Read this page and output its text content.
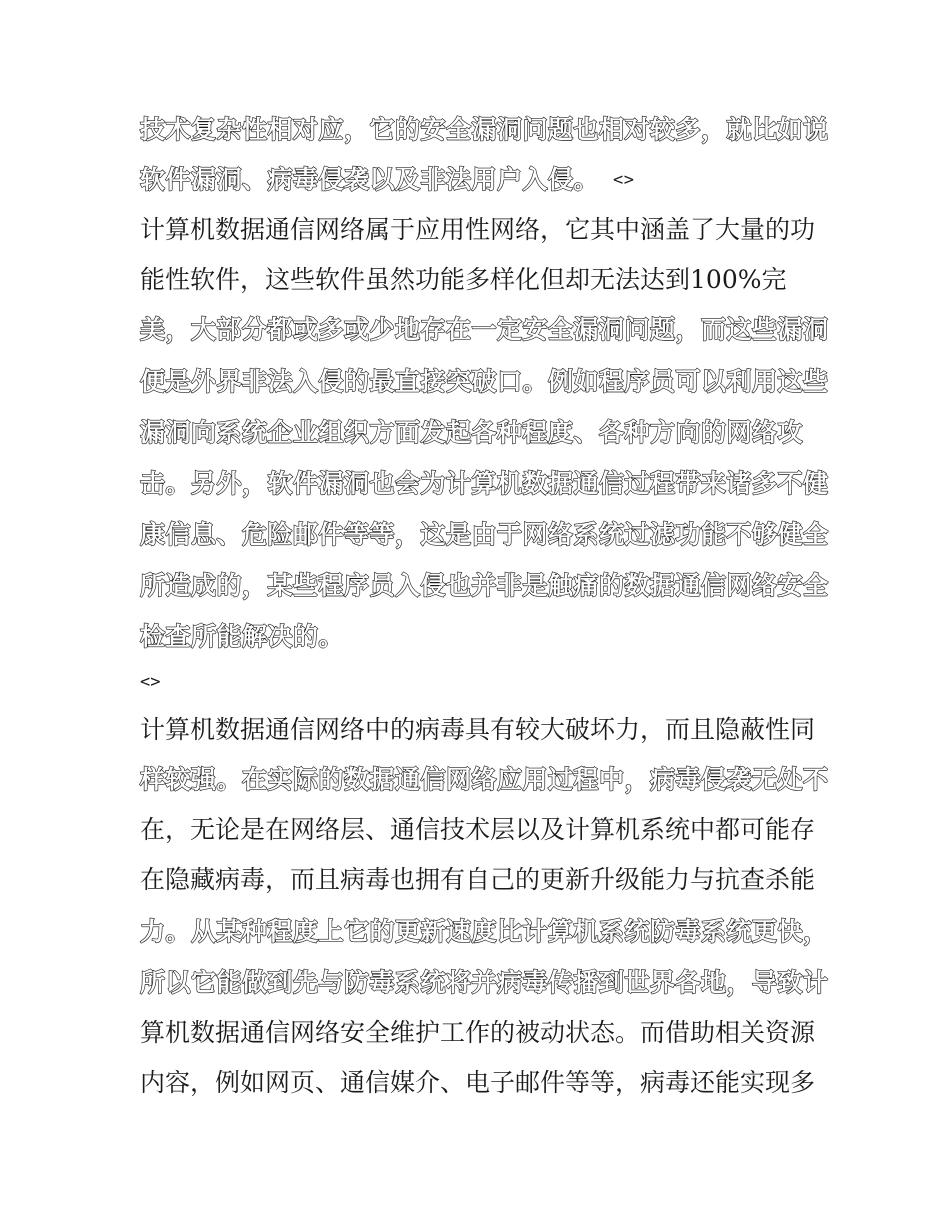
技术复杂性相对应，它的安全漏洞问题也相对较多，就比如说
软件漏洞、病毒侵袭以及非法用户入侵。 <>
计算机数据通信网络属于应用性网络，它其中涵盖了大量的功
能性软件，这些软件虽然功能多样化但却无法达到100%完
美，大部分都或多或少地存在一定安全漏洞问题，而这些漏洞
便是外界非法入侵的最直接突破口。例如程序员可以利用这些
漏洞向系统企业组织方面发起各种程度、各种方向的网络攻
击。另外，软件漏洞也会为计算机数据通信过程带来诸多不健
康信息、危险邮件等等，这是由于网络系统过滤功能不够健全
所造成的，某些程序员入侵也并非是触痛的数据通信网络安全
检查所能解决的。
<>
计算机数据通信网络中的病毒具有较大破坏力，而且隐蔽性同
样较强。在实际的数据通信网络应用过程中，病毒侵袭无处不
在，无论是在网络层、通信技术层以及计算机系统中都可能存
在隐藏病毒，而且病毒也拥有自己的更新升级能力与抗查杀能
力。从某种程度上它的更新速度比计算机系统防毒系统更快，
所以它能做到先与防毒系统将并病毒传播到世界各地，导致计
算机数据通信网络安全维护工作的被动状态。而借助相关资源
内容，例如网页、通信媒介、电子邮件等等，病毒还能实现多
